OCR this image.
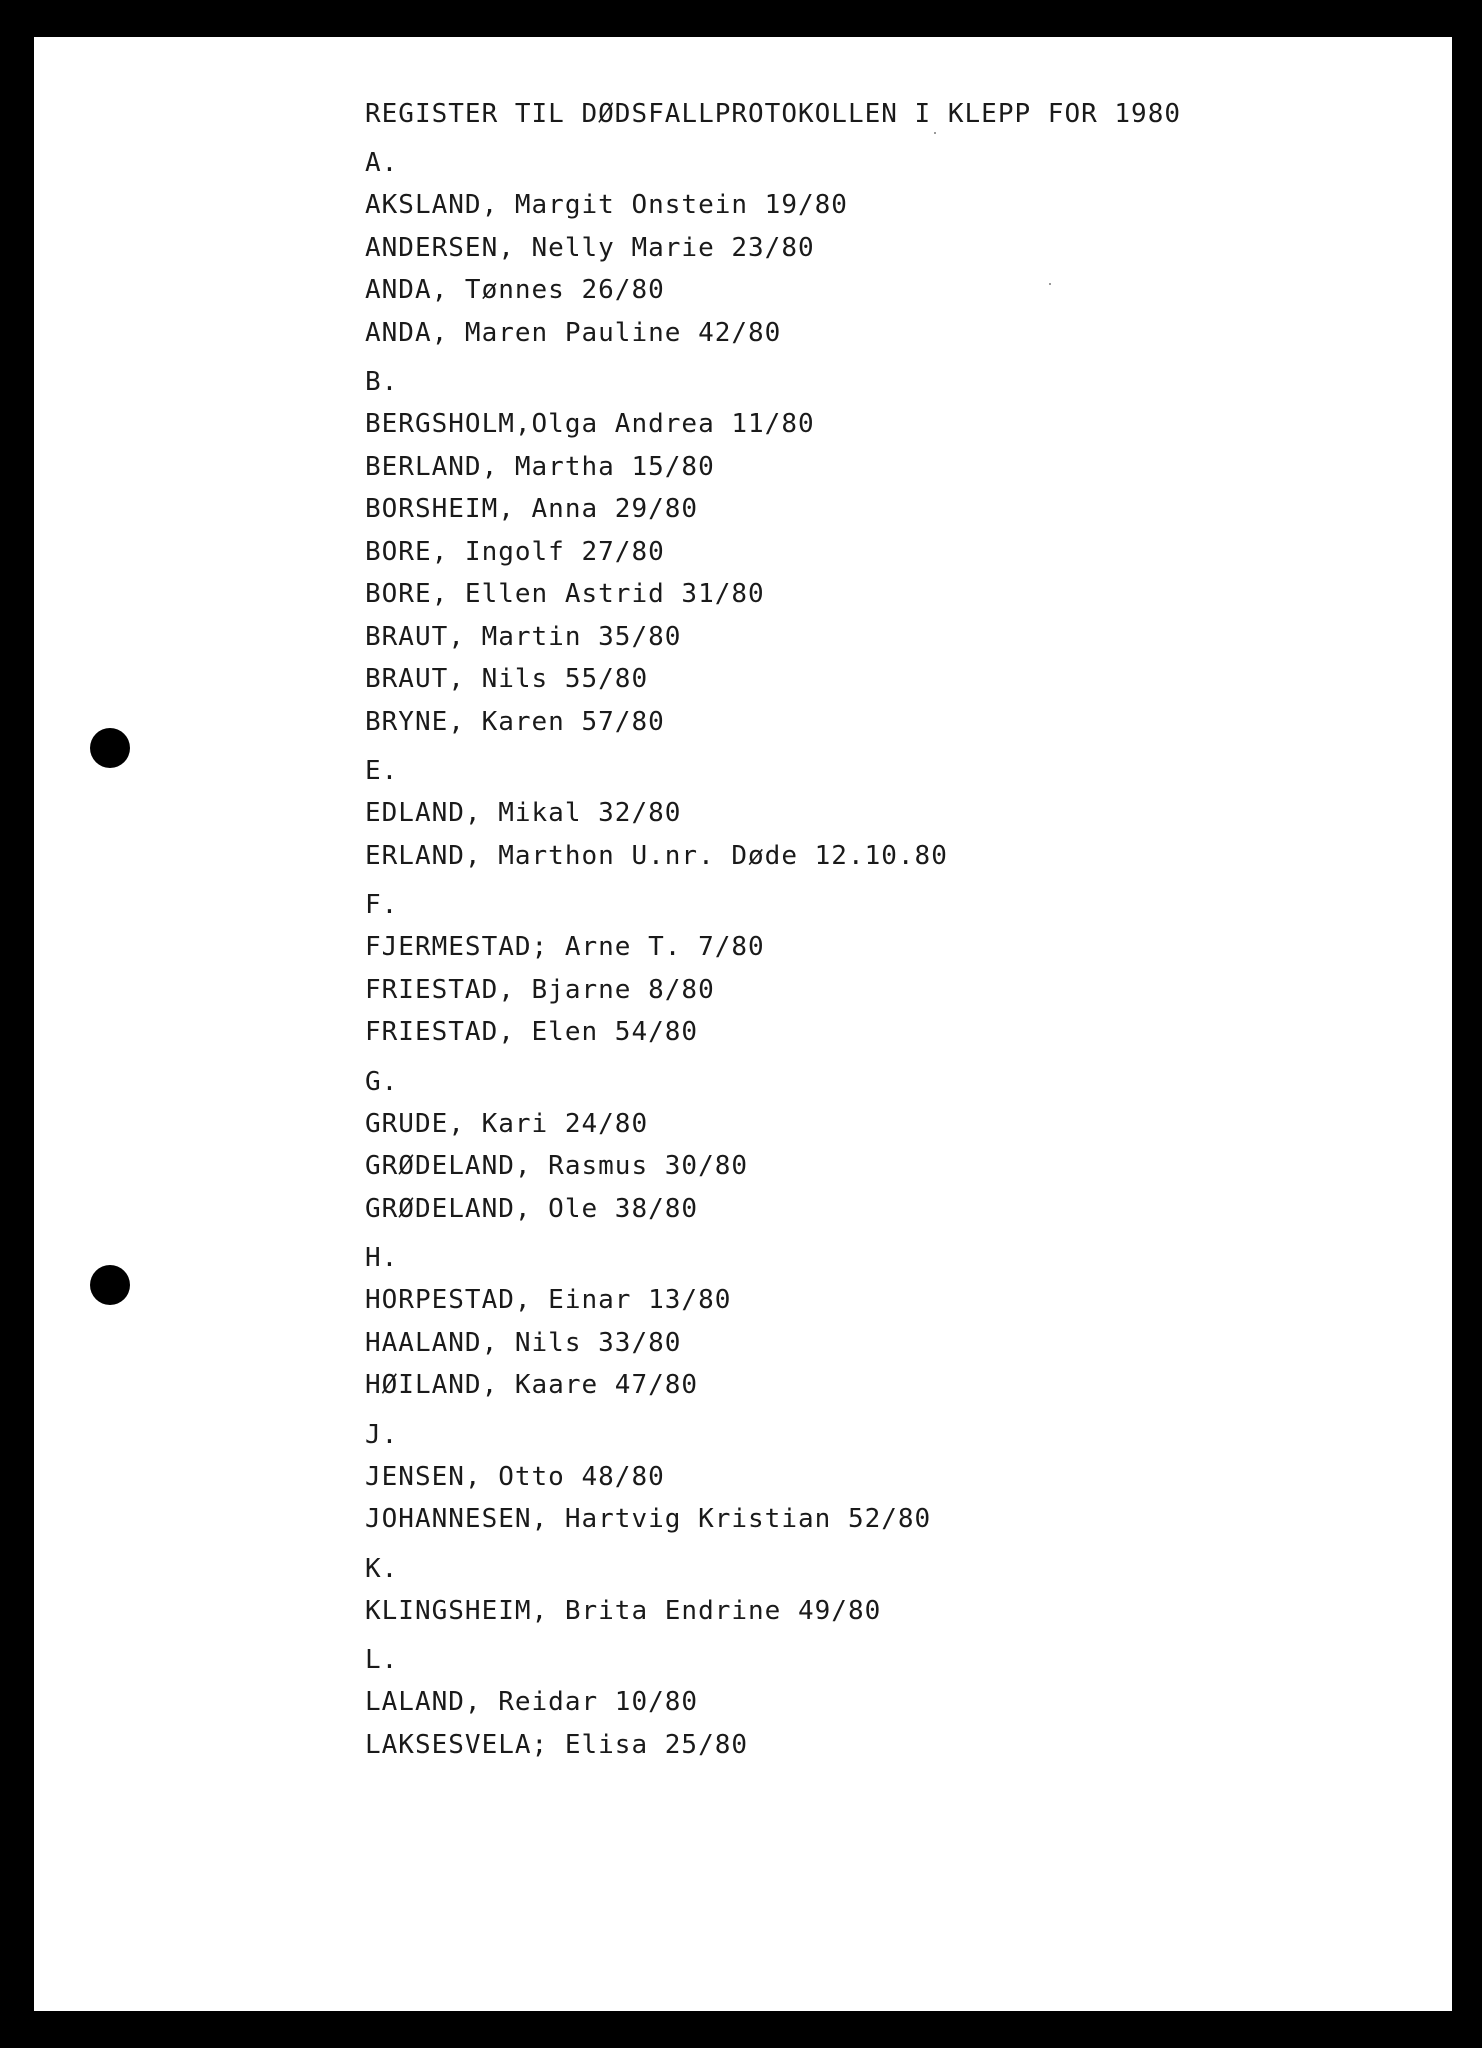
REGISTER TIL DØDSFALLPROTOKOLLEN I KLEPP FOR 1980
A.
AKSLAND, Margit Onstein 19/80
ANDERSEN, Nelly Marie 23/80
ANDA, Tønnes 26/80
ANDA, Maren Pauline 42/80
B.
BERGSHOLM,Olga Andrea 11/80
BERLAND, Martha 15/80
BORSHEIM, Anna 29/80
BORE, Ingolf 27/80
BORE, Ellen Astrid 31/80
BRAUT, Martin 35/80
BRAUT, Nils 55/80
BRYNE, Karen 57/80
E.
EDLAND, Mikal 32/80
ERLAND, Marthon U.nr. Døde 12.10.80
F.
FJERMESTAD; Arne T. 7/80
FRIESTAD, Bjarne 8/80
FRIESTAD, Elen 54/80
G.
GRUDE, Kari 24/80
GRØDELAND, Rasmus 30/80
GRØDELAND, Ole 38/80
H.
HORPESTAD, Einar 13/80
HAALAND, Nils 33/80
HØILAND, Kaare 47/80
J.
JENSEN, Otto 48/80
JOHANNESEN, Hartvig Kristian 52/80
K.
KLINGSHEIM, Brita Endrine 49/80
L.
LALAND, Reidar 10/80
LAKSESVELA; Elisa 25/80
